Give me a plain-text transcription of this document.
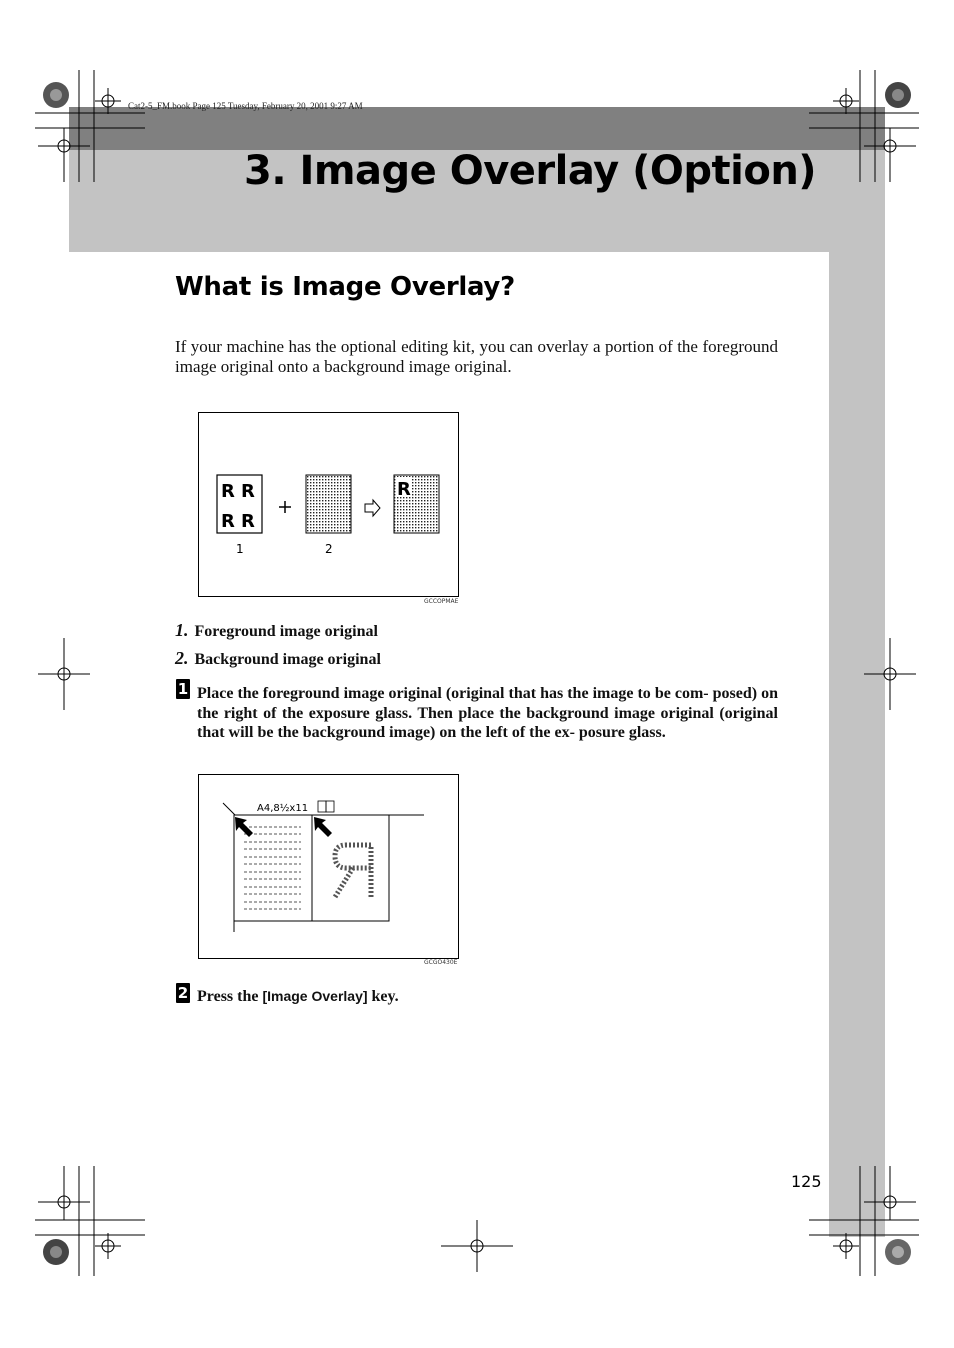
Cat2-5_FM.book Page 125 Tuesday, February 20, 2001 9:27 AM
3. Image Overlay (Option)
What is Image Overlay?

If your machine has the optional editing kit, you can overlay a portion of the foreground image original onto a background image original.

R R
R R
R
1	2
GCCOPMAE
1. Foreground image original
2. Background image original
1 Place the foreground image original (original that has the image to be com- posed) on the right of the exposure glass. Then place the background image original (original that will be the background image) on the left of the ex- posure glass.

A4,8½x11
GCGO430E
2 Press the [Image Overlay] key.

125
